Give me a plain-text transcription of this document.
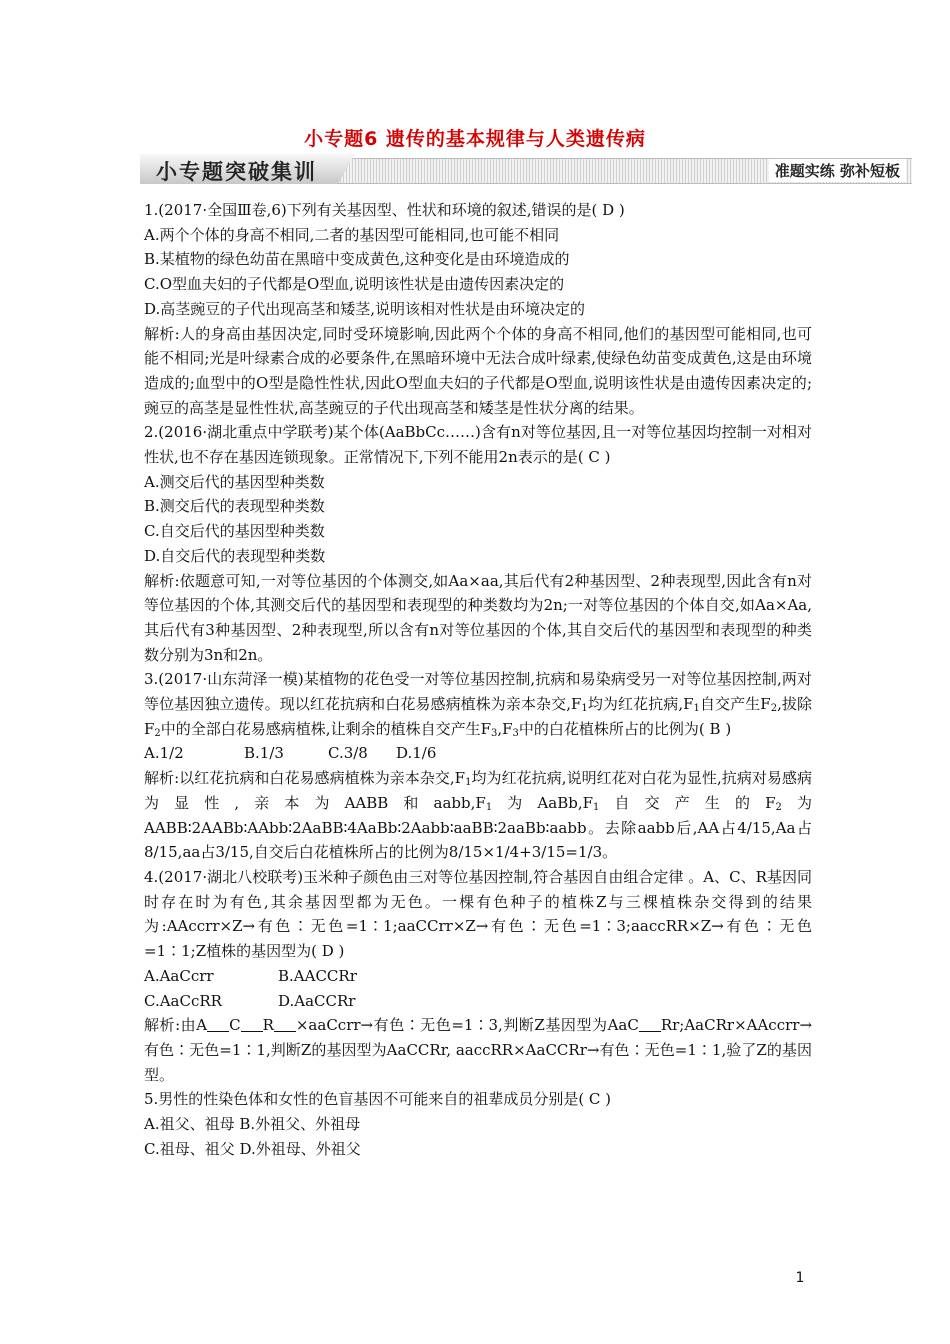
小专题6 遗传的基本规律与人类遗传病
小专题突破集训	准题实练 弥补短板

1.(2017·全国Ⅲ卷,6)下列有关基因型、性状和环境的叙述,错误的是( D )

A.两个个体的身高不相同,二者的基因型可能相同,也可能不相同

B.某植物的绿色幼苗在黑暗中变成黄色,这种变化是由环境造成的

C.O型血夫妇的子代都是O型血,说明该性状是由遗传因素决定的

D.高茎豌豆的子代出现高茎和矮茎,说明该相对性状是由环境决定的

解析:人的身高由基因决定,同时受环境影响,因此两个个体的身高不相同,他们的基因型可能相同,也可能不相同;光是叶绿素合成的必要条件,在黑暗环境中无法合成叶绿素,使绿色幼苗变成黄色,这是由环境造成的;血型中的O型是隐性性状,因此O型血夫妇的子代都是O型血,说明该性状是由遗传因素决定的;豌豆的高茎是显性性状,高茎豌豆的子代出现高茎和矮茎是性状分离的结果。

2.(2016·湖北重点中学联考)某个体(AaBbCc……)含有n对等位基因,且一对等位基因均控制一对相对性状,也不存在基因连锁现象。正常情况下,下列不能用2n表示的是( C )

A.测交后代的基因型种类数

B.测交后代的表现型种类数

C.自交后代的基因型种类数

D.自交后代的表现型种类数

解析:依题意可知,一对等位基因的个体测交,如Aa×aa,其后代有2种基因型、2种表现型,因此含有n对等位基因的个体,其测交后代的基因型和表现型的种类数均为2n;一对等位基因的个体自交,如Aa×Aa,其后代有3种基因型、2种表现型,所以含有n对等位基因的个体,其自交后代的基因型和表现型的种类数分别为3n和2n。

3.(2017·山东菏泽一模)某植物的花色受一对等位基因控制,抗病和易染病受另一对等位基因控制,两对等位基因独立遗传。现以红花抗病和白花易感病植株为亲本杂交$,F_1$均为红花抗病$,F_1$自交产生$F_2$,拔除$F_2$中的全部白花易感病植株,让剩余的植株自交产生$F_3,F_3$中的白花植株所占的比例为( B )

A.1/2	B.1/3	C.3/8 D.1/6

解析:以红花抗病和白花易感病植株为亲本杂交$,F_1$均为红花抗病,说明红花对白花为显性,抗病对易感病为显性,亲本为AABB和$aabb,F_1$为$AaBb,F_1$自交产生的$F_2$为AABB∶2AABb∶AAbb∶2AaBB∶4AaBb∶2Aabb∶aaBB∶2aaBb∶aabb。去除aabb后,AA占4/15,Aa占8/15,aa占3/15,自交后白花植株所占的比例为8/15×1/4+3/15=1/3。

4.(2017·湖北八校联考)玉米种子颜色由三对等位基因控制,符合基因自由组合定律 。A、C、R基因同时存在时为有色,其余基因型都为无色。一棵有色种子的植株Z与三棵植株杂交得到的结果为:AAccrr×Z→有色∶无色=1∶1;aaCCrr×Z→有色∶无色=1∶3;aaccRR×Z→有色∶无色=1∶1;Z植株的基因型为( D )

A.AaCcrr	B.AACCRr

C.AaCcRR	D.AaCCRr

解析:由A C R ×aaCcrr→有色∶无色=1∶3,判断Z基因型为AaC Rr;AaCRr×AAccrr→有色∶无色=1∶1,判断Z的基因型为AaCCRr, aaccRR×AaCCRr→有色∶无色=1∶1,验了Z的基因型。

5.男性的性染色体和女性的色盲基因不可能来自的祖辈成员分别是( C )

A.祖父、祖母 B.外祖父、外祖母

C.祖母、祖父 D.外祖母、外祖父

1
